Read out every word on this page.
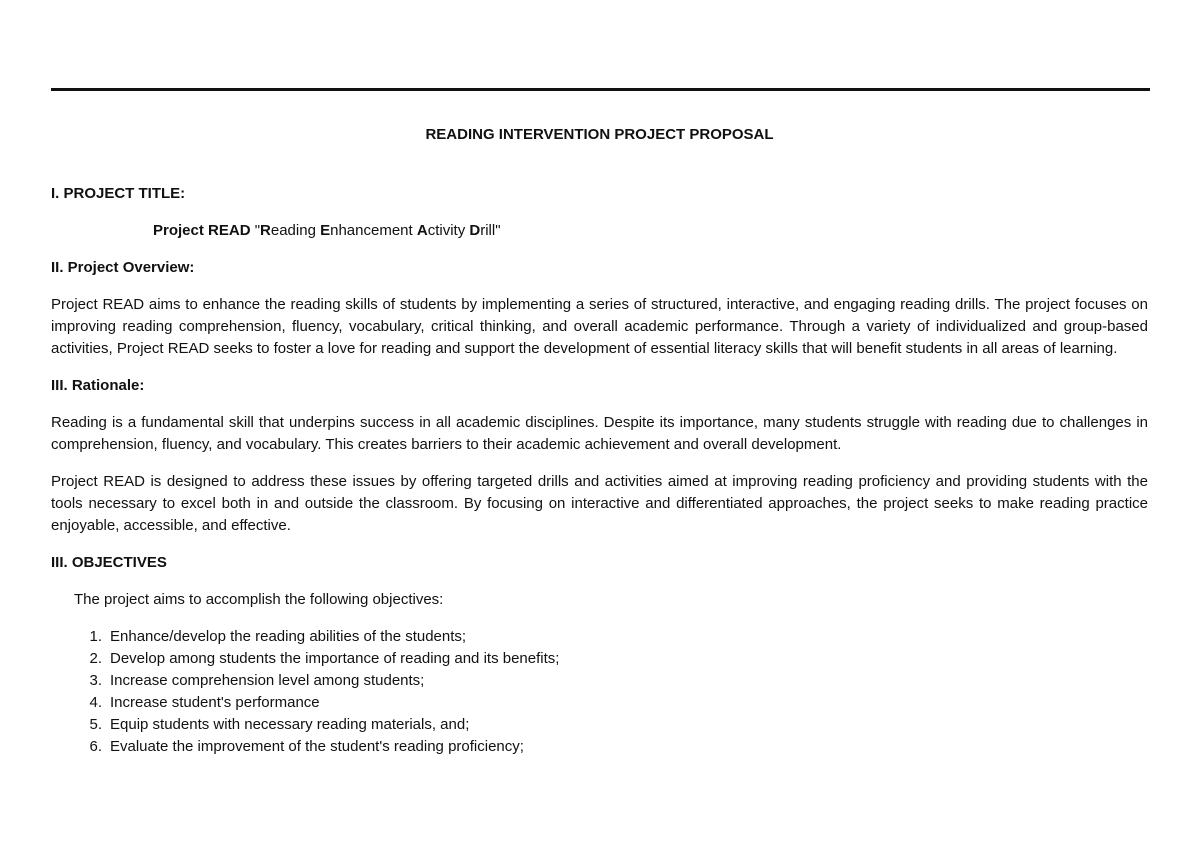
READING INTERVENTION PROJECT PROPOSAL

I. PROJECT TITLE:

Project READ "Reading Enhancement Activity Drill"

II. Project Overview:

Project READ aims to enhance the reading skills of students by implementing a series of structured, interactive, and engaging reading drills. The project focuses on improving reading comprehension, fluency, vocabulary, critical thinking, and overall academic performance. Through a variety of individualized and group-based activities, Project READ seeks to foster a love for reading and support the development of essential literacy skills that will benefit students in all areas of learning.

III. Rationale:

Reading is a fundamental skill that underpins success in all academic disciplines. Despite its importance, many students struggle with reading due to challenges in comprehension, fluency, and vocabulary. This creates barriers to their academic achievement and overall development.

Project READ is designed to address these issues by offering targeted drills and activities aimed at improving reading proficiency and providing students with the tools necessary to excel both in and outside the classroom. By focusing on interactive and differentiated approaches, the project seeks to make reading practice enjoyable, accessible, and effective.

III. OBJECTIVES

The project aims to accomplish the following objectives:

1. Enhance/develop the reading abilities of the students;
2. Develop among students the importance of reading and its benefits;
3. Increase comprehension level among students;
4. Increase student's performance
5. Equip students with necessary reading materials, and;
6. Evaluate the improvement of the student's reading proficiency;
